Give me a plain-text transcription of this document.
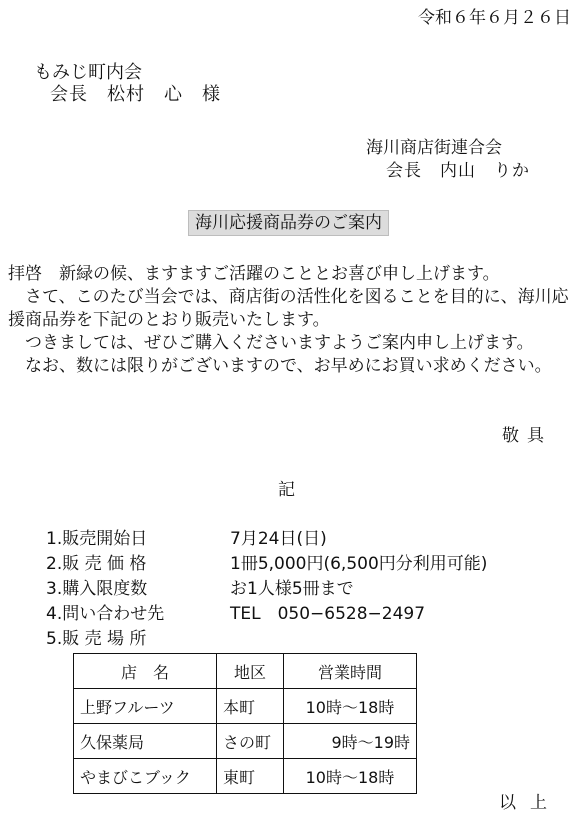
令和６年６月２６日
もみじ町内会
会長　松村　心　様
海川商店街連合会
会長　内山　りか
海川応援商品券のご案内

拝啓　新緑の候、ますますご活躍のこととお喜び申し上げます。

さて、このたび当会では、商店街の活性化を図ることを目的に、海川応援商品券を下記のとおり販売いたします。

つきましては、ぜひご購入くださいますようご案内申し上げます。

なお、数には限りがございますので、お早めにお買い求めください。

敬具
記
1.販売開始日	7月24日(日)
2.販 売 価 格	1冊5,000円(6,500円分利用可能)
3.購入限度数	お1人様5冊まで
4.問い合わせ先	TEL　050−6528−2497
5.販 売 場 所
店　名	地区	営業時間
上野フルーツ	本町	10時〜18時
久保薬局	さの町	9時〜19時
やまびこブック	東町	10時〜18時
以上
